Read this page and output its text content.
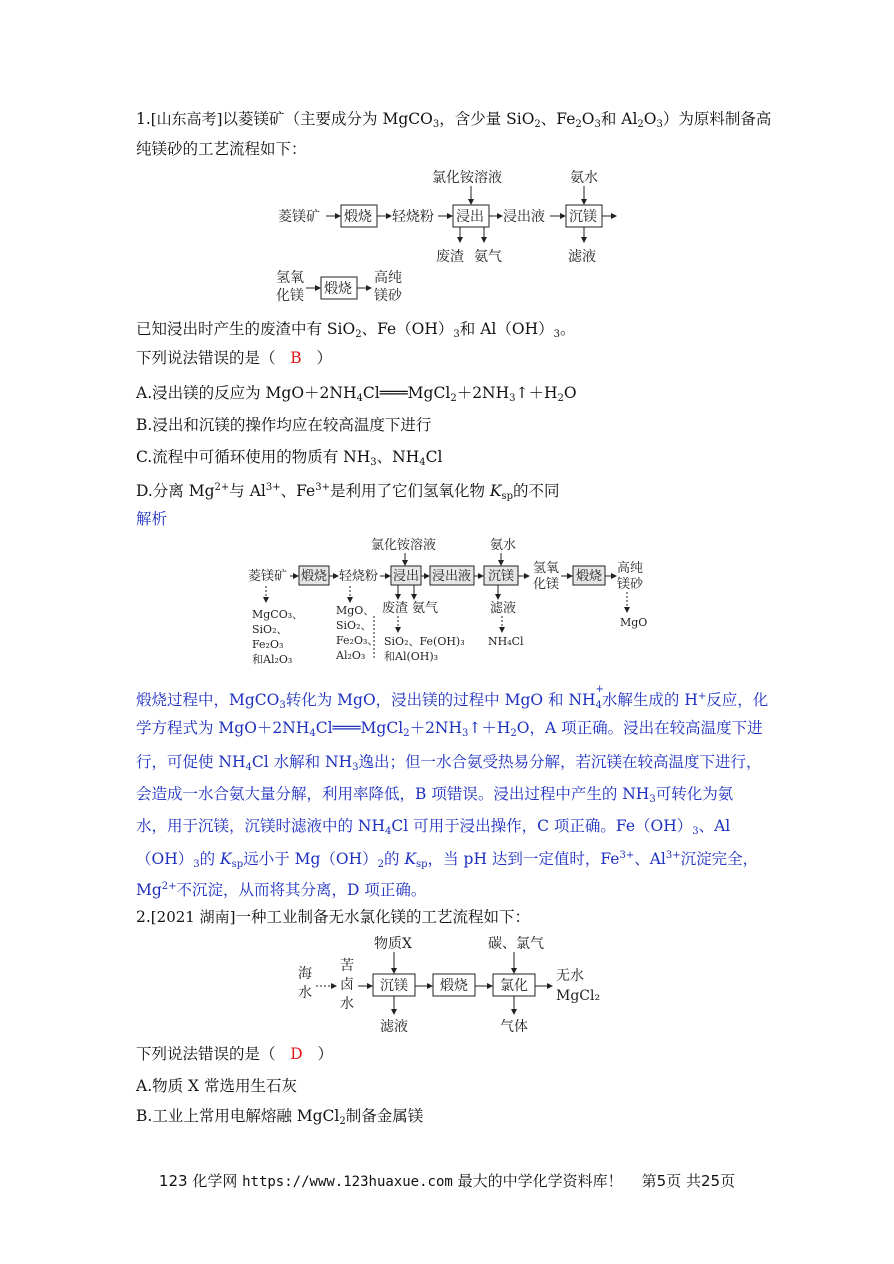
1.[山东高考]以菱镁矿（主要成分为 MgCO$_3$，含少量 SiO$_2$、$Fe_2O_3$和 $Al_2O_3$）为原料制备高
纯镁砂的工艺流程如下：
菱镁矿 煅烧 轻烧粉 浸出 浸出液 沉镁
氯化铵溶液	氨水
废渣 氨气	滤液
氢氧
化镁 煅烧
高纯
镁砂
已知浸出时产生的废渣中有 SiO$_2$、$Fe(OH)_3$和 $Al(OH)_3$。
下列说法错误的是（ B ）
A.浸出镁的反应为 $MgO+2NH_4Cl═══MgCl_2+2NH_3↑+H_2O$
B.浸出和沉镁的操作均应在较高温度下进行
C.流程中可循环使用的物质有 $NH_3$、$NH_4Cl$
D.分离 $Mg^{2+}$与 $Al^{3+}$、$Fe^{3+}$是利用了它们氢氧化物 $K_{sp}$的不同
解析
菱镁矿 煅烧 轻烧粉 浸出 浸出液 沉镁
氢氧
化镁
煅烧
高纯
镁砂
氯化铵溶液	氨水
MgCO₃、
SiO₂、
Fe₂O₃
和Al₂O₃
MgO、
SiO₂、
Fe₂O₃、
Al₂O₃
SiO₂、Fe(OH)₃
和Al(OH)₃
NH₄Cl
MgO
废渣 氨气	滤液
煅烧过程中，MgCO$_3$转化为 MgO，浸出镁的过程中 MgO 和 $NH_4$
+
水解生成的 H+反应，化
学方程式为 $MgO+2NH_4Cl═══MgCl_2+2NH_3↑+H_2O$，A 项正确。浸出在较高温度下进
行，可促使 $NH_4Cl$ 水解和 $NH_3$逸出；但一水合氨受热易分解，若沉镁在较高温度下进行，
会造成一水合氨大量分解，利用率降低，B 项错误。浸出过程中产生的 $NH_3$可转化为氨
水，用于沉镁，沉镁时滤液中的 $NH_4Cl$ 可用于浸出操作，C 项正确。$Fe(OH)_3$、Al
$(OH)_3$的 $K_{sp}$远小于 $Mg(OH)_2$的 $K_{sp}$，当 pH 达到一定值时，$Fe^{3+}$、$Al^{3+}$沉淀完全，
$Mg^{2+}$不沉淀，从而将其分离，D 项正确。
2.[2021 湖南]一种工业制备无水氯化镁的工艺流程如下：
海
水
苦
卤
水
沉镁 煅烧 氯化
无水
MgCl₂
物质X	碳、氯气
滤液	气体
下列说法错误的是（ D ）
A.物质 X 常选用生石灰
B.工业上常用电解熔融 MgCl$_2$制备金属镁
123 化学网 https://www.123huaxue.com 最大的中学化学资料库！ 第5页 共25页
